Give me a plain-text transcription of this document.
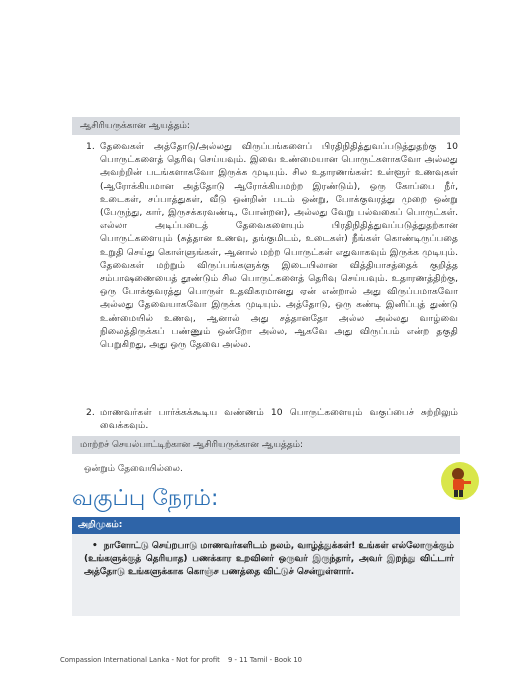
ஆசிரியருக்கான ஆயத்தம்:
1. தேவைகள் அத்தோடு/அல்லது விருப்பங்களைப் பிரதிநிதித்துவப்படுத்துதற்கு 10 பொருட்களைத் தெரிவு செய்யவும். இவை உண்மையான பொருட்களாகவோ அல்லது அவற்றின் படங்களாகவோ இருக்க முடியும். சில உதாரணங்கள்: உள்ளூர் உணவுகள் (ஆரோக்கியமான அத்தோடு ஆரோக்கியமற்ற இரண்டும்), ஒரு கோப்பை நீர், உடைகள், சப்பாத்துகள், வீடு ஒன்றின் படம் ஒன்று, போக்குவரத்து முறை ஒன்று (பேருந்து, கார், இருசக்கரவண்டி, போன்றன), அல்லது வேறு பல்வகைப் பொருட்கள். எல்லா அடிப்படைத் தேவைகளையும் பிரதிநிதித்துவப்படுத்துதற்கான பொருட்களையும் (சுத்தான உணவு, தங்குமிடம், உடைகள்) நீங்கள் கொண்டிருப்பதை உறுதி செய்து கொள்ளுங்கள், ஆனால் மற்ற பொருட்கள் எதுவாகவும் இருக்க முடியும். தேவைகள் மற்றும் விருப்பங்களுக்கு இடையிலான வித்தியாசத்தைக் குறித்த சம்பாஷணையைத் தூண்டும் சில பொருட்களைத் தெரிவு செய்யவும். உதாரணத்திற்கு, ஒரு போக்குவரத்து பொருள் உதவிகரமானது ஏன் என்றால் அது விருப்பமாகவோ அல்லது தேவையாகவோ இருக்க முடியும். அத்தோடு, ஒரு கண்டி இனிப்புத் துண்டு உண்மையில் உணவு, ஆனால் அது சத்தானதோ அல்ல அல்லது வாழ்வை நிலைத்திருக்கப் பண்ணும் ஒன்றோ அல்ல, ஆகவே அது விருப்பம் என்ற தகுதி பெறுகிறது, அது ஒரு தேவை அல்ல.
2. மாணவர்கள் பார்க்கக்கூடிய வண்ணம் 10 பொருட்களையும் வகுப்பைச் சுற்றிலும் வைக்கவும்.
மாற்றச் செயல்பாட்டிற்கான ஆசிரியருக்கான ஆயத்தம்:
ஒன்றும் தேவையில்லை.
வகுப்பு நேரம்:
அறிமுகம்:
• நாளோட்டு செய்றபாடு மாணவர்களிடம் நலம், வாழ்த்துக்கள்! உங்கள் எல்லோருக்கும் (உங்களுக்குத் தெரியாத) பணக்கார உறவினர் ஒருவர் இருந்தார், அவர் இறந்து விட்டார் அத்தோடு உங்களுக்காக கொஞ்ச பணத்தை விட்டுச் சென்றுள்ளார்.
Compassion International Lanka - Not for profit 9 - 11 Tamil - Book 10
